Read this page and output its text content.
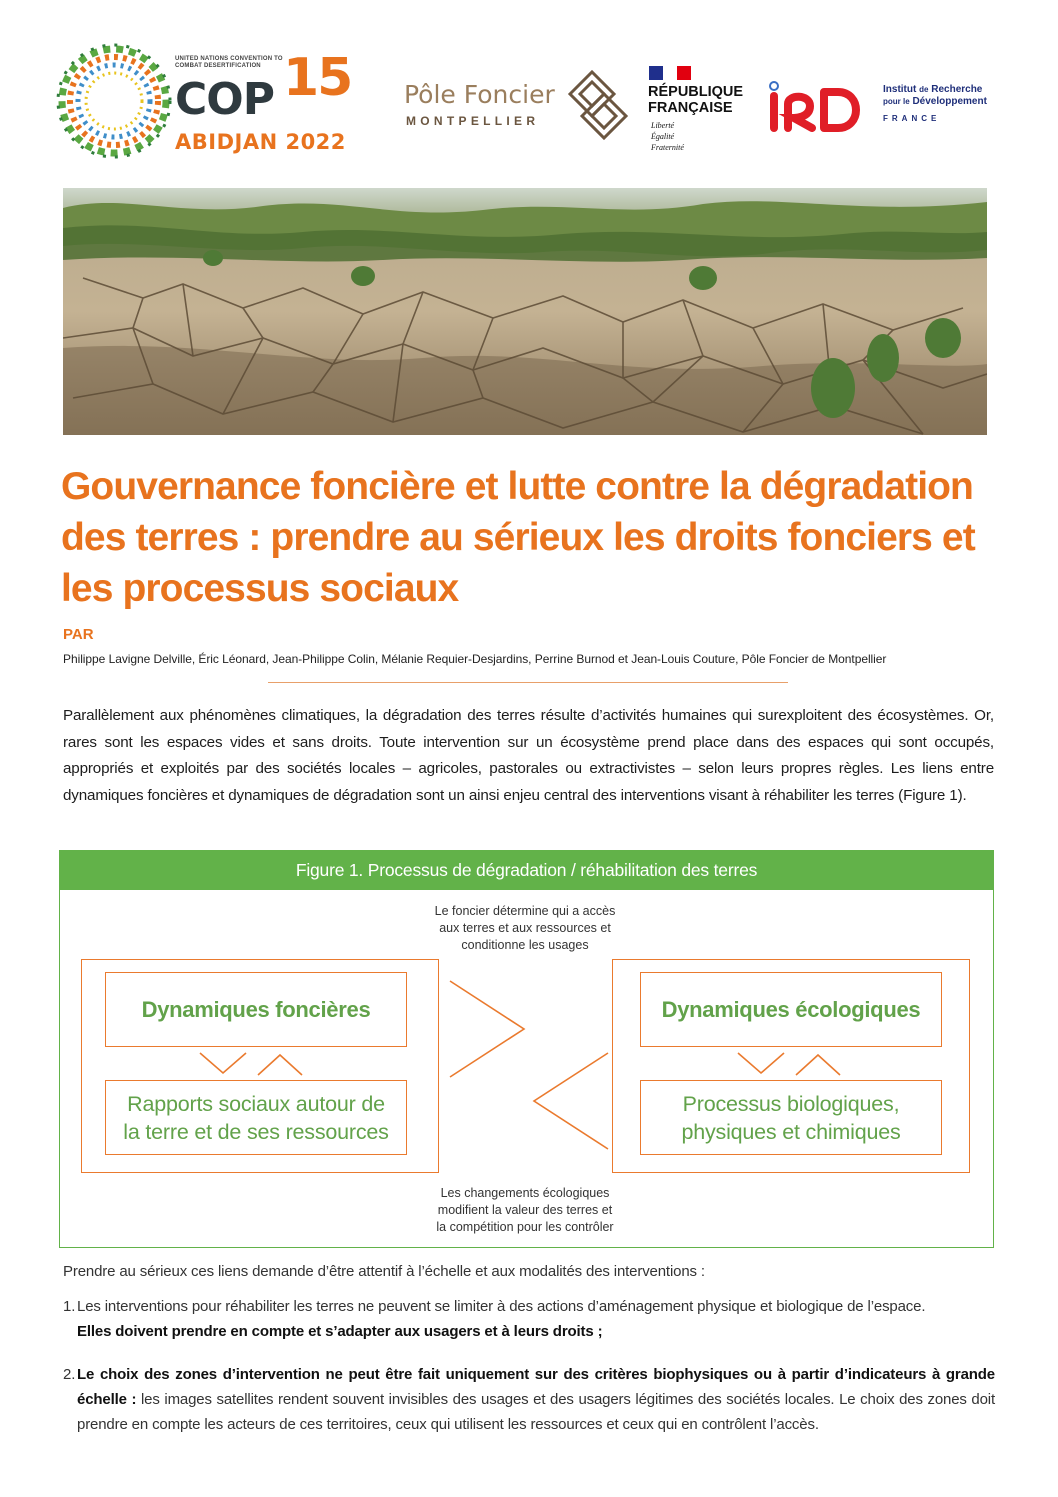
UNITED NATIONS CONVENTION TO COMBAT DESERTIFICATION
COP 15
ABIDJAN 2022
Pôle Foncier
MONTPELLIER
RÉPUBLIQUE
FRANÇAISE
Liberté
Égalité
Fraternité
Institut de Recherche
pour le Développement
FRANCE
Gouvernance foncière et lutte contre la dégradation des terres : prendre au sérieux les droits fonciers et les processus sociaux
PAR
Philippe Lavigne Delville, Éric Léonard, Jean-Philippe Colin, Mélanie Requier-Desjardins, Perrine Burnod et Jean-Louis Couture, Pôle Foncier de Montpellier

Parallèlement aux phénomènes climatiques, la dégradation des terres résulte d’activités humaines qui surexploitent des écosystèmes. Or, rares sont les espaces vides et sans droits. Toute intervention sur un écosystème prend place dans des espaces qui sont occupés, appropriés et exploités par des sociétés locales – agricoles, pastorales ou extractivistes – selon leurs propres règles. Les liens entre dynamiques foncières et dynamiques de dégradation sont un ainsi enjeu central des interventions visant à réhabiliter les terres (Figure 1).

Figure 1. Processus de dégradation / réhabilitation des terres
Le foncier détermine qui a accès
aux terres et aux ressources et
conditionne les usages
Les changements écologiques
modifient la valeur des terres et
la compétition pour les contrôler
Dynamiques foncières
Rapports sociaux autour de
la terre et de ses ressources
Dynamiques écologiques
Processus biologiques,
physiques et chimiques
Prendre au sérieux ces liens demande d’être attentif à l’échelle et aux modalités des interventions :
1. Les interventions pour réhabiliter les terres ne peuvent se limiter à des actions d’aménagement physique et biologique de l’espace.
Elles doivent prendre en compte et s’adapter aux usagers et à leurs droits ;
2. Le choix des zones d’intervention ne peut être fait uniquement sur des critères biophysiques ou à partir d’indicateurs à grande échelle : les images satellites rendent souvent invisibles des usages et des usagers légitimes des sociétés locales. Le choix des zones doit prendre en compte les acteurs de ces territoires, ceux qui utilisent les ressources et ceux qui en contrôlent l’accès.
